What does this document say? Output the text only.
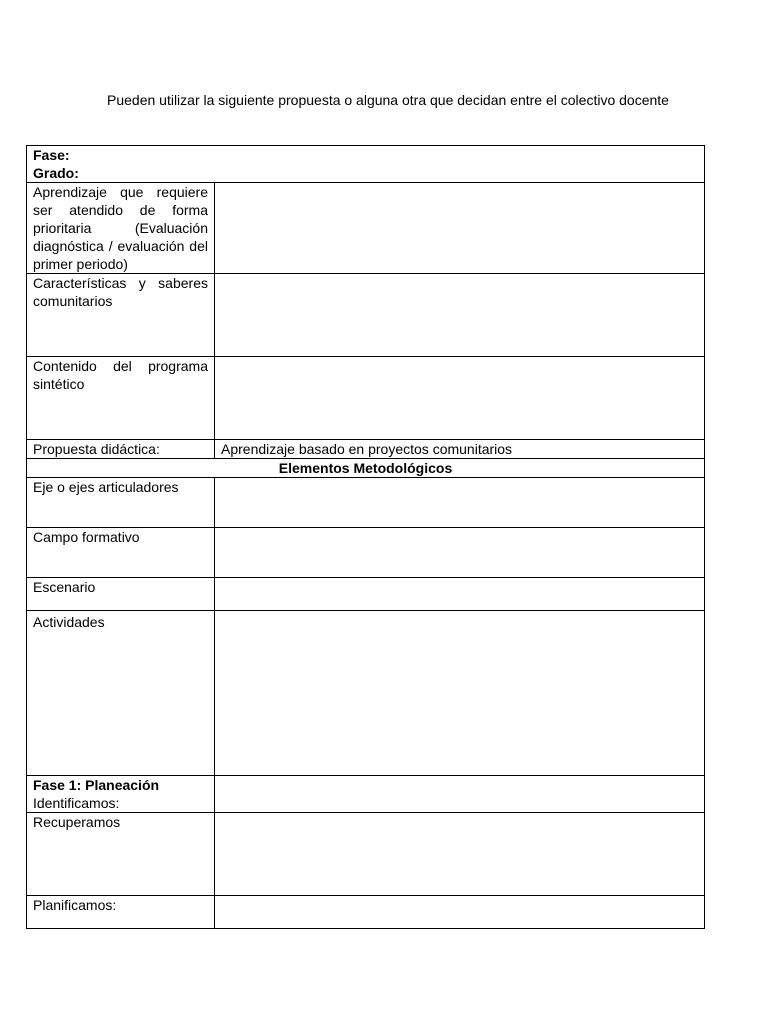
Pueden utilizar la siguiente propuesta o alguna otra que decidan entre el colectivo docente
Fase:
Grado:	

Aprendizaje que requiere ser atendido de forma prioritaria (Evaluación diagnóstica / evaluación del primer periodo)	
Características y saberes comunitarios	
Contenido del programa sintético	
Propuesta didáctica:	Aprendizaje basado en proyectos comunitarios
Elementos Metodológicos	
Eje o ejes articuladores	
Campo formativo	
Escenario	
Actividades	

Fase 1: Planeación
Identificamos:	

Recuperamos	
Planificamos:	
